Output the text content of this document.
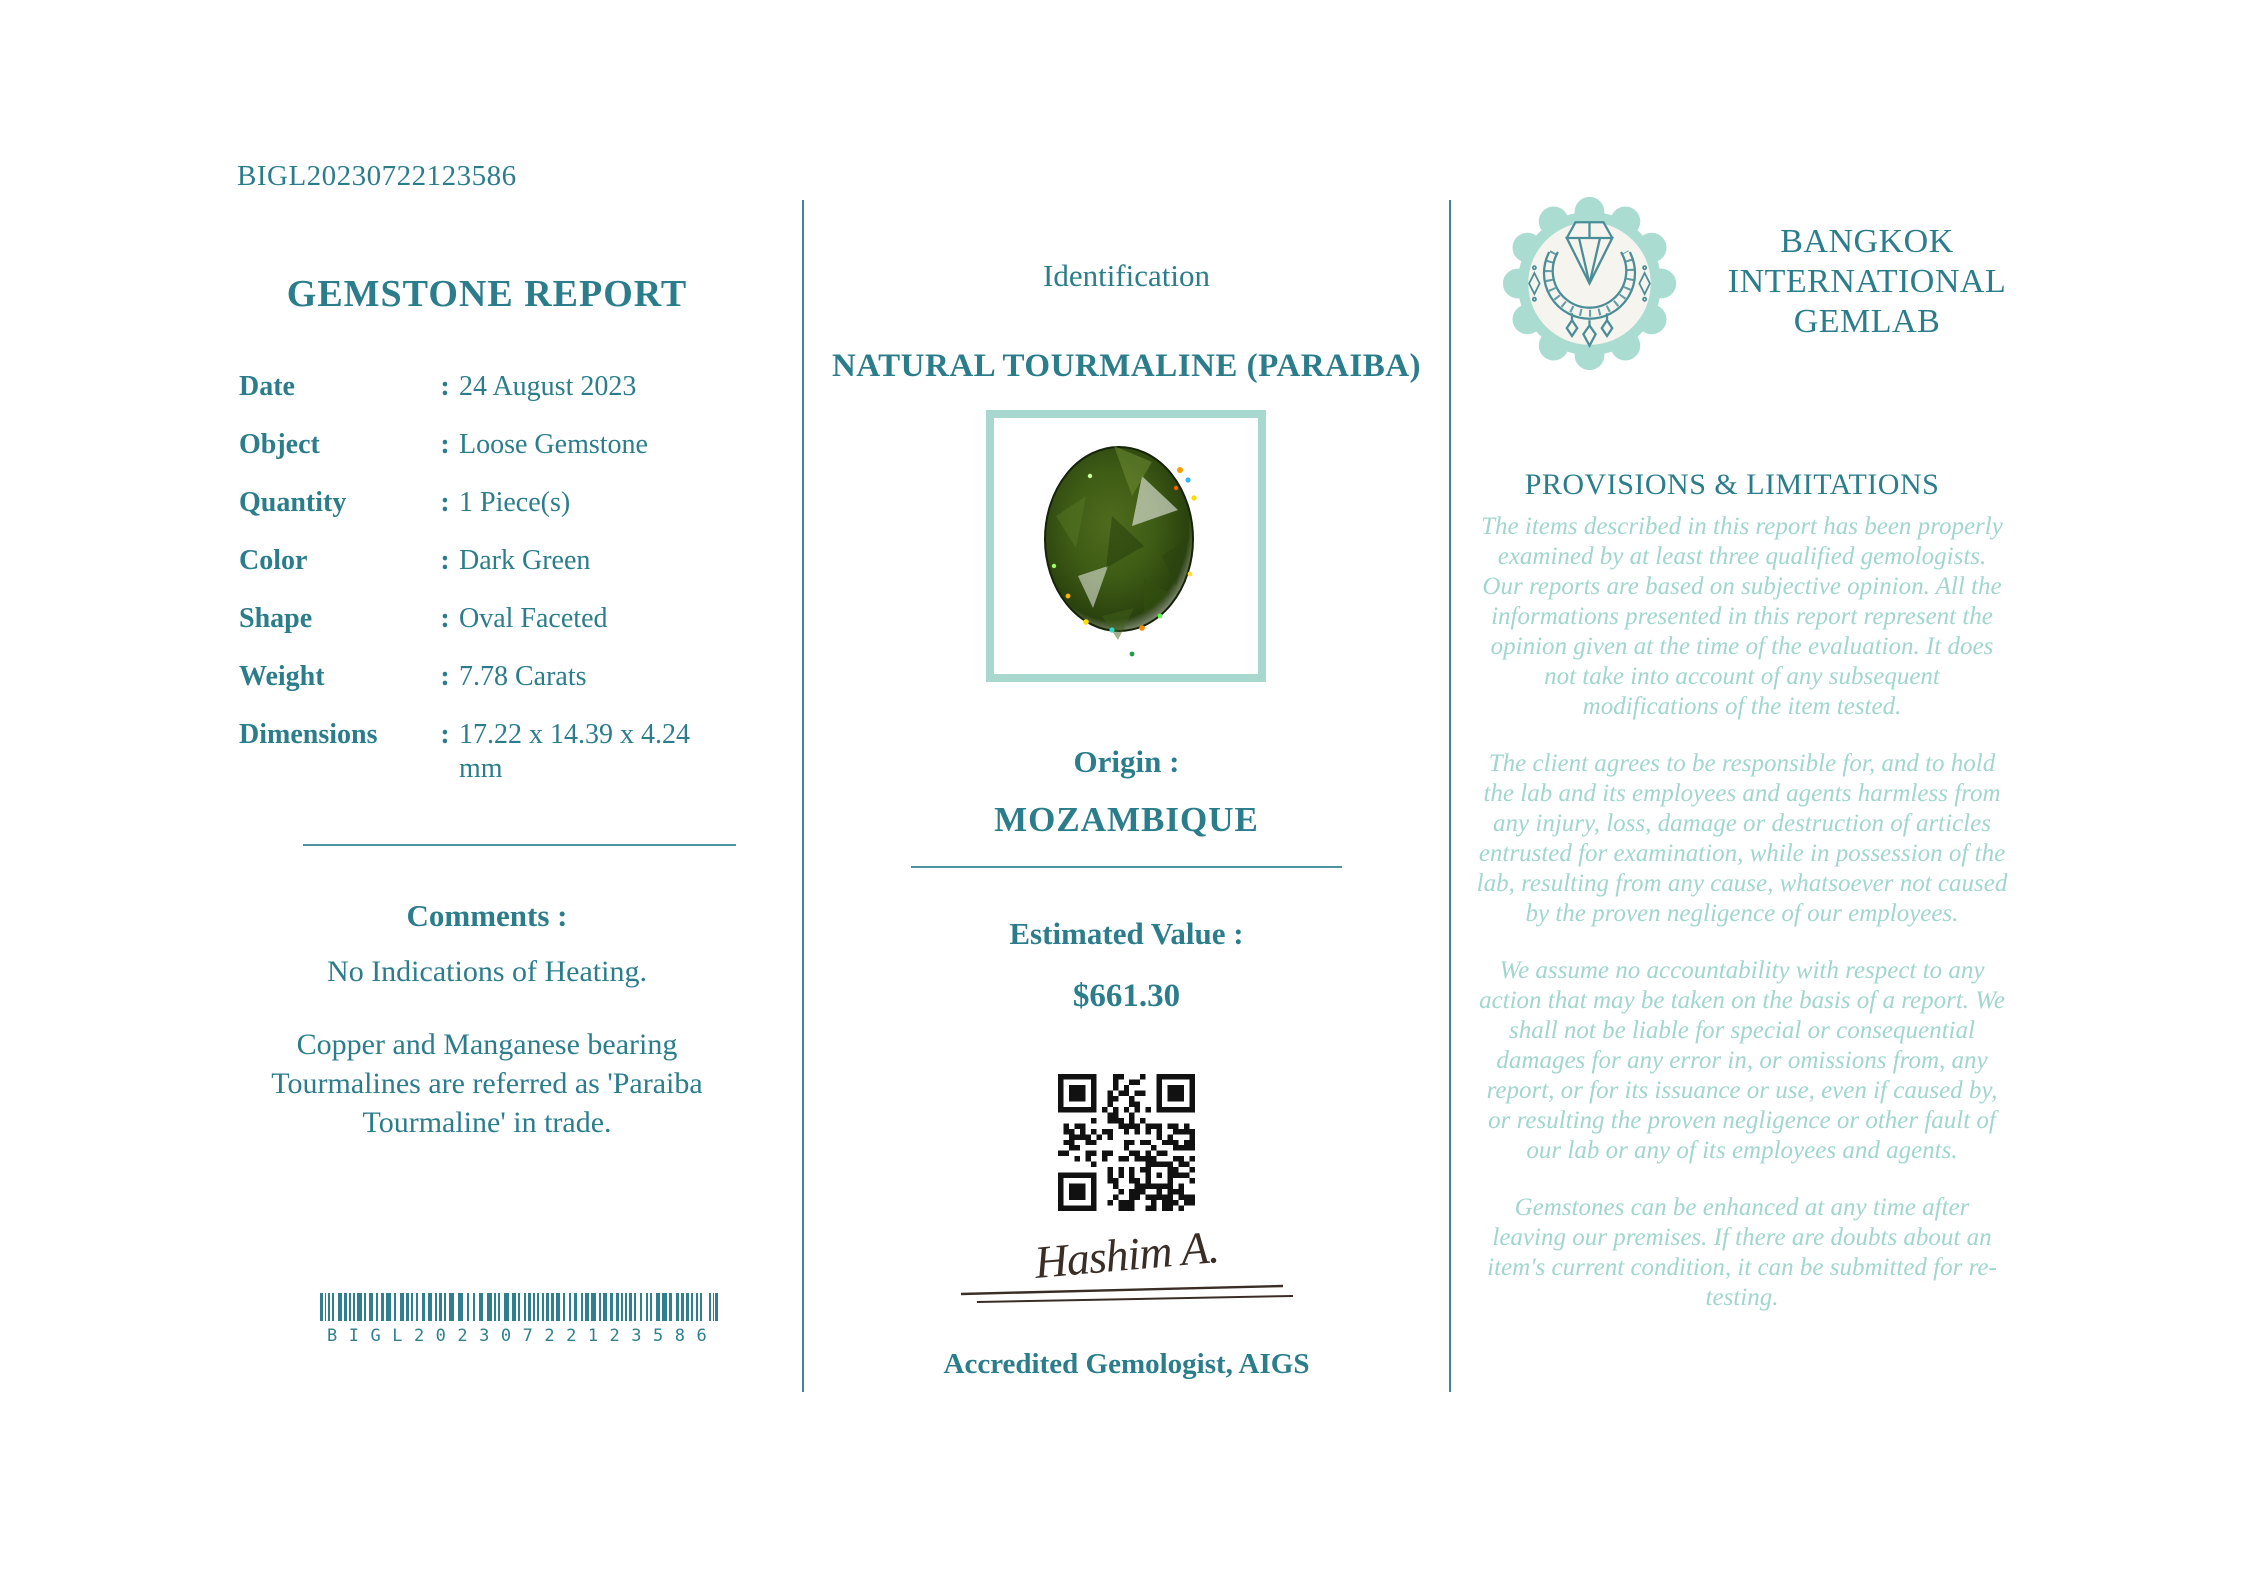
BIGL20230722123586
GEMSTONE REPORT
Date	: 24 August 2023
Object	: Loose Gemstone
Quantity	: 1 Piece(s)
Color	: Dark Green
Shape	: Oval Faceted
Weight	: 7.78 Carats
Dimensions	: 17.22 x 14.39 x 4.24 mm
Comments :

No Indications of Heating.

Copper and Manganese bearing Tourmalines are referred as 'Paraiba Tourmaline' in trade.

BIGL20230722123586
Identification
NATURAL TOURMALINE (PARAIBA)
Origin :
MOZAMBIQUE
Estimated Value :
$661.30
Hashim A.
Accredited Gemologist, AIGS
BANGKOK INTERNATIONAL GEMLAB
PROVISIONS & LIMITATIONS

The items described in this report has been properly examined by at least three qualified gemologists. Our reports are based on subjective opinion. All the informations presented in this report represent the opinion given at the time of the evaluation. It does not take into account of any subsequent modifications of the item tested.

The client agrees to be responsible for, and to hold the lab and its employees and agents harmless from any injury, loss, damage or destruction of articles entrusted for examination, while in possession of the lab, resulting from any cause, whatsoever not caused by the proven negligence of our employees.

We assume no accountability with respect to any action that may be taken on the basis of a report. We shall not be liable for special or consequential damages for any error in, or omissions from, any report, or for its issuance or use, even if caused by, or resulting the proven negligence or other fault of our lab or any of its employees and agents.

Gemstones can be enhanced at any time after leaving our premises. If there are doubts about an item's current condition, it can be submitted for re-testing.
